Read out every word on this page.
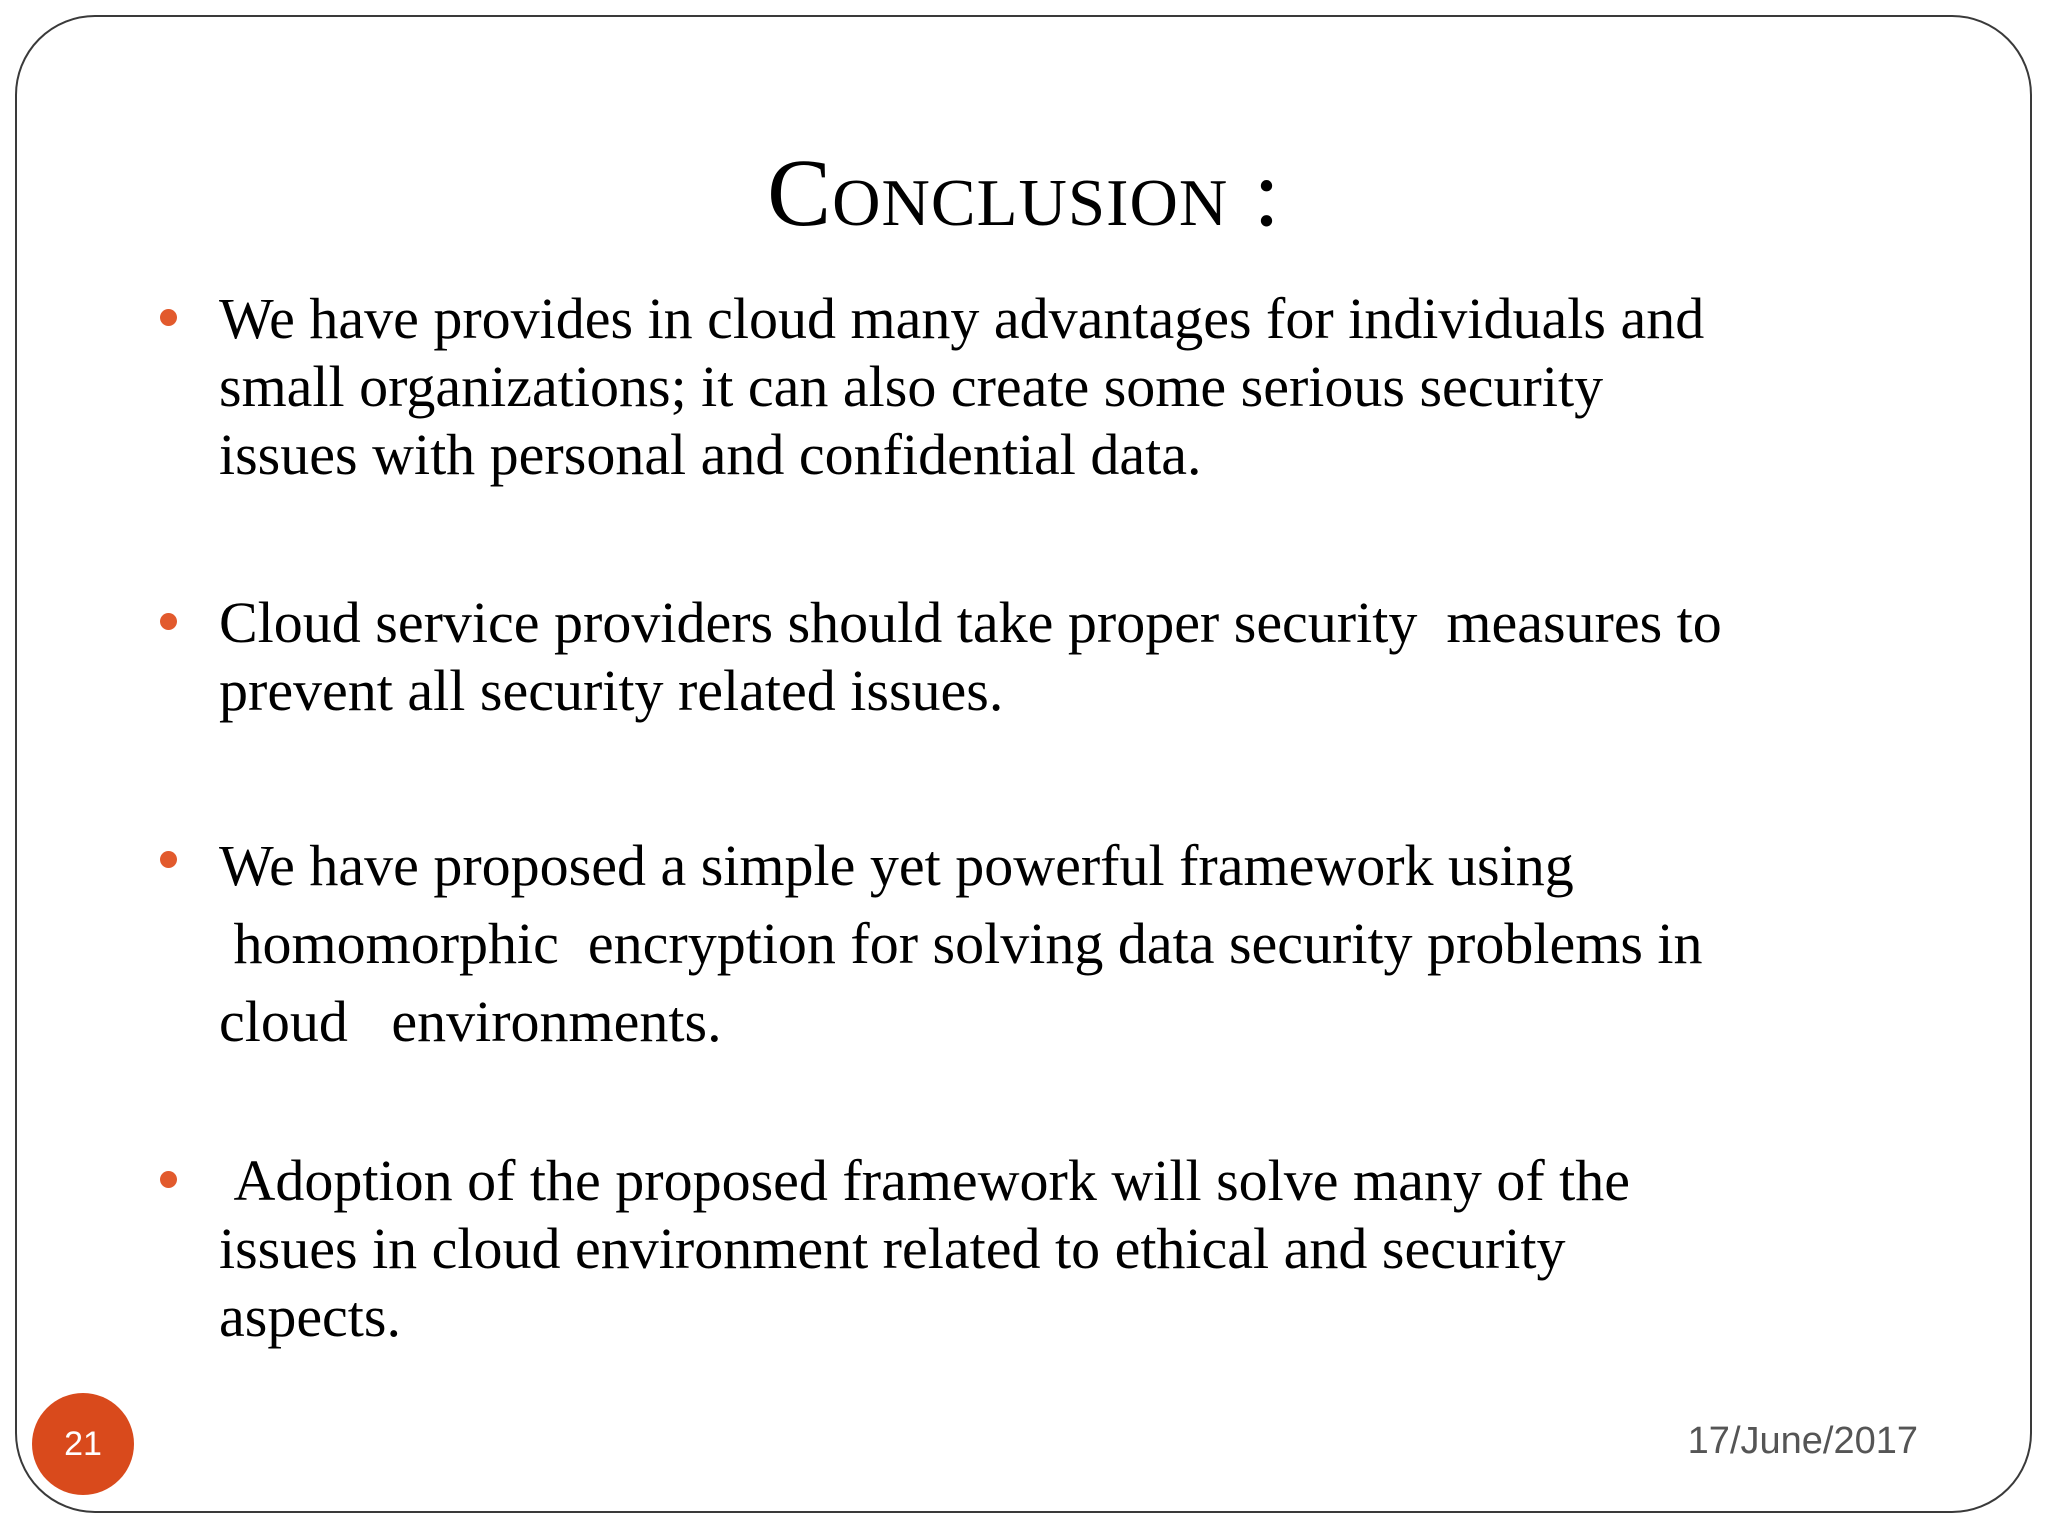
Conclusion :
We have provides in cloud many advantages for individuals and
small organizations; it can also create some serious security
issues with personal and confidential data.
Cloud service providers should take proper security  measures to
prevent all security related issues.
We have proposed a simple yet powerful framework using
homomorphic  encryption for solving data security problems in
cloud   environments.
Adoption of the proposed framework will solve many of the
issues in cloud environment related to ethical and security
aspects.
21	17/June/2017
